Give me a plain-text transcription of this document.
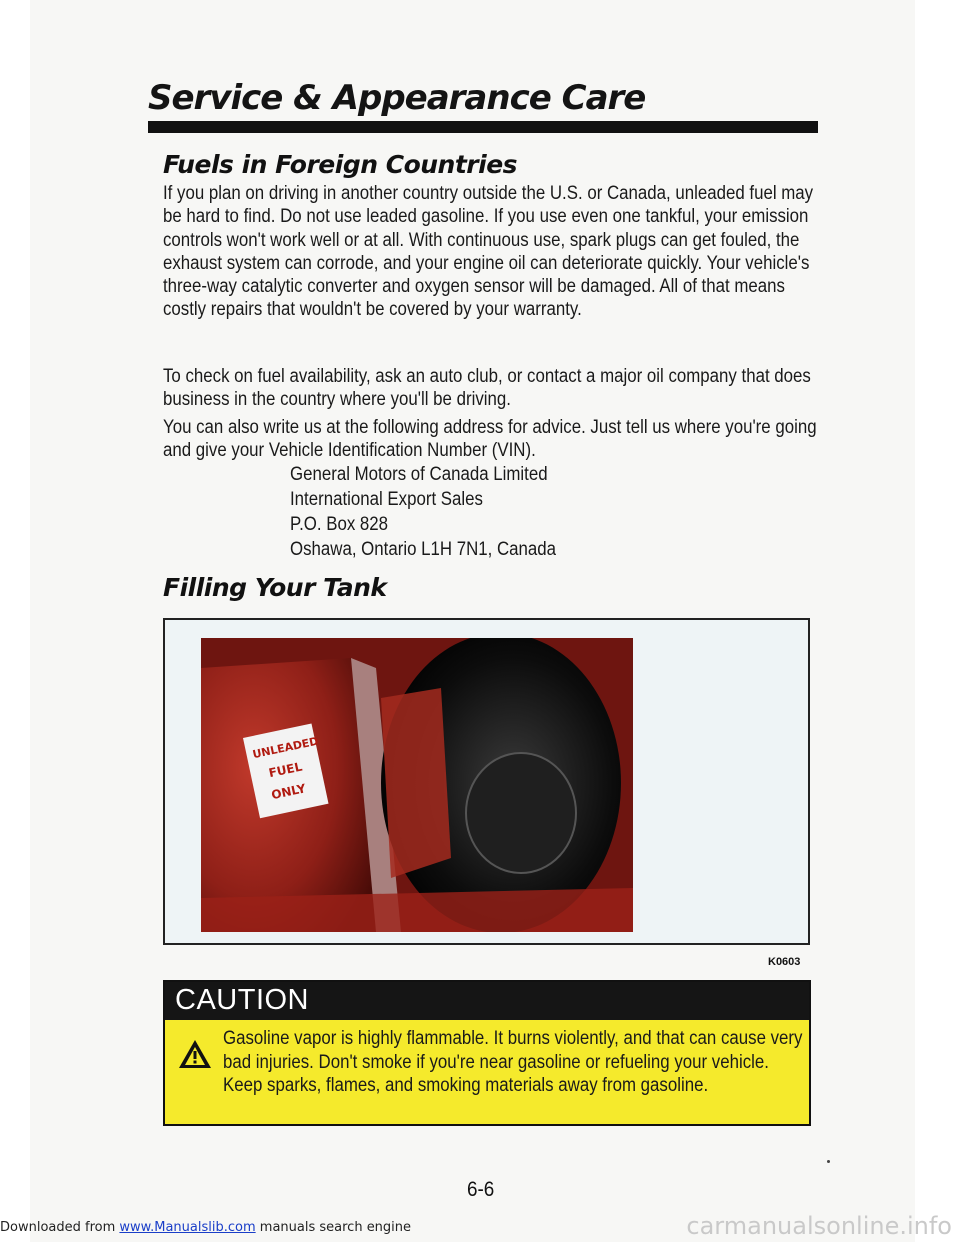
Service & Appearance Care
Fuels in Foreign Countries

If you plan on driving in another country outside the U.S. or Canada, unleaded fuel may be hard to find. Do not use leaded gasoline. If you use even one tankful, your emission controls won't work well or at all. With continuous use, spark plugs can get fouled, the exhaust system can corrode, and your engine oil can deteriorate quickly. Your vehicle's three-way catalytic converter and oxygen sensor will be damaged. All of that means costly repairs that wouldn't be covered by your warranty.

To check on fuel availability, ask an auto club, or contact a major oil company that does business in the country where you'll be driving.

You can also write us at the following address for advice. Just tell us where you're going and give your Vehicle Identification Number (VIN).

General Motors of Canada Limited
International Export Sales
P.O. Box 828
Oshawa, Ontario L1H 7N1, Canada
Filling Your Tank
UNLEADED
FUEL
ONLY
K0603
CAUTION

Gasoline vapor is highly flammable. It burns violently, and that can cause very bad injuries. Don't smoke if you're near gasoline or refueling your vehicle. Keep sparks, flames, and smoking materials away from gasoline.

6-6
Downloaded from www.Manualslib.com manuals search engine	carmanualsonline.info
